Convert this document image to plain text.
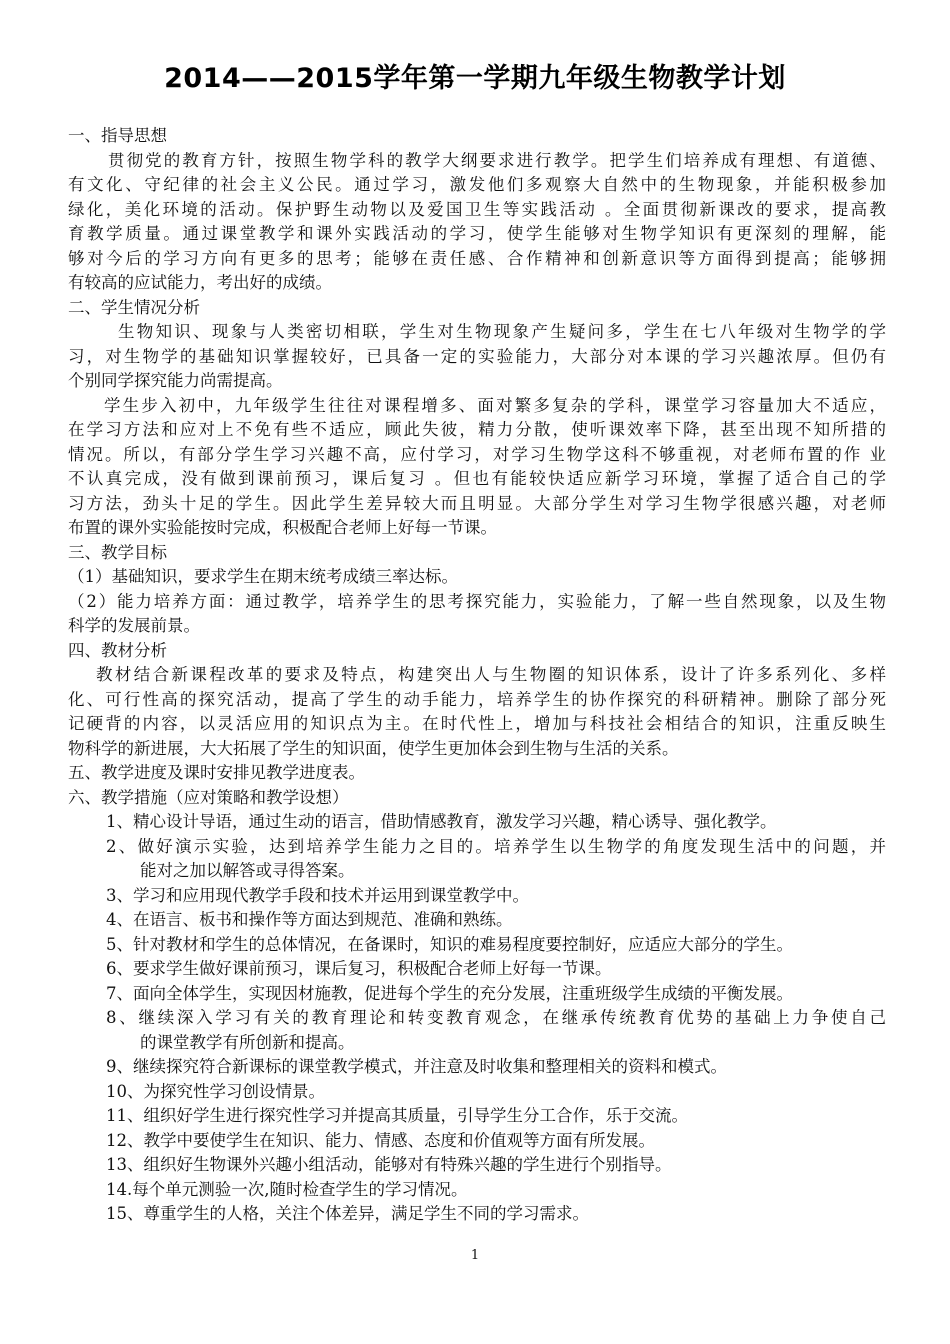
2014——2015学年第一学期九年级生物教学计划
一、指导思想
贯彻党的教育方针，按照生物学科的教学大纲要求进行教学。把学生们培养成有理想、有道德、
有文化、守纪律的社会主义公民。通过学习，激发他们多观察大自然中的生物现象，并能积极参加
绿化，美化环境的活动。保护野生动物以及爱国卫生等实践活动 。全面贯彻新课改的要求，提高教
育教学质量。通过课堂教学和课外实践活动的学习，使学生能够对生物学知识有更深刻的理解，能
够对今后的学习方向有更多的思考；能够在责任感、合作精神和创新意识等方面得到提高；能够拥
有较高的应试能力，考出好的成绩。
二、学生情况分析
生物知识、现象与人类密切相联，学生对生物现象产生疑问多，学生在七八年级对生物学的学
习，对生物学的基础知识掌握较好，已具备一定的实验能力，大部分对本课的学习兴趣浓厚。但仍有
个别同学探究能力尚需提高。
学生步入初中，九年级学生往往对课程增多、面对繁多复杂的学科，课堂学习容量加大不适应，
在学习方法和应对上不免有些不适应，顾此失彼，精力分散，使听课效率下降，甚至出现不知所措的
情况。所以，有部分学生学习兴趣不高，应付学习，对学习生物学这科不够重视，对老师布置的作 业
不认真完成，没有做到课前预习，课后复习 。但也有能较快适应新学习环境，掌握了适合自己的学
习方法，劲头十足的学生。因此学生差异较大而且明显。大部分学生对学习生物学很感兴趣，对老师
布置的课外实验能按时完成，积极配合老师上好每一节课。
三、教学目标
（1）基础知识，要求学生在期末统考成绩三率达标。
（2）能力培养方面：通过教学，培养学生的思考探究能力，实验能力，了解一些自然现象，以及生物
科学的发展前景。
四、教材分析
教材结合新课程改革的要求及特点，构建突出人与生物圈的知识体系，设计了许多系列化、多样
化、可行性高的探究活动，提高了学生的动手能力，培养学生的协作探究的科研精神。删除了部分死
记硬背的内容，以灵活应用的知识点为主。在时代性上，增加与科技社会相结合的知识，注重反映生
物科学的新进展，大大拓展了学生的知识面，使学生更加体会到生物与生活的关系。
五、教学进度及课时安排见教学进度表。
六、教学措施（应对策略和教学设想）
1、精心设计导语，通过生动的语言，借助情感教育，激发学习兴趣，精心诱导、强化教学。
2、做好演示实验，达到培养学生能力之目的。培养学生以生物学的角度发现生活中的问题，并
能对之加以解答或寻得答案。
3、学习和应用现代教学手段和技术并运用到课堂教学中。
4、在语言、板书和操作等方面达到规范、准确和熟练。
5、针对教材和学生的总体情况，在备课时，知识的难易程度要控制好，应适应大部分的学生。
6、要求学生做好课前预习，课后复习，积极配合老师上好每一节课。
7、面向全体学生，实现因材施教，促进每个学生的充分发展，注重班级学生成绩的平衡发展。
8、继续深入学习有关的教育理论和转变教育观念，在继承传统教育优势的基础上力争使自己
的课堂教学有所创新和提高。
9、继续探究符合新课标的课堂教学模式，并注意及时收集和整理相关的资料和模式。
10、为探究性学习创设情景。
11、组织好学生进行探究性学习并提高其质量，引导学生分工合作，乐于交流。
12、教学中要使学生在知识、能力、情感、态度和价值观等方面有所发展。
13、组织好生物课外兴趣小组活动，能够对有特殊兴趣的学生进行个别指导。
14.每个单元测验一次,随时检查学生的学习情况。
15、尊重学生的人格，关注个体差异，满足学生不同的学习需求。
1
